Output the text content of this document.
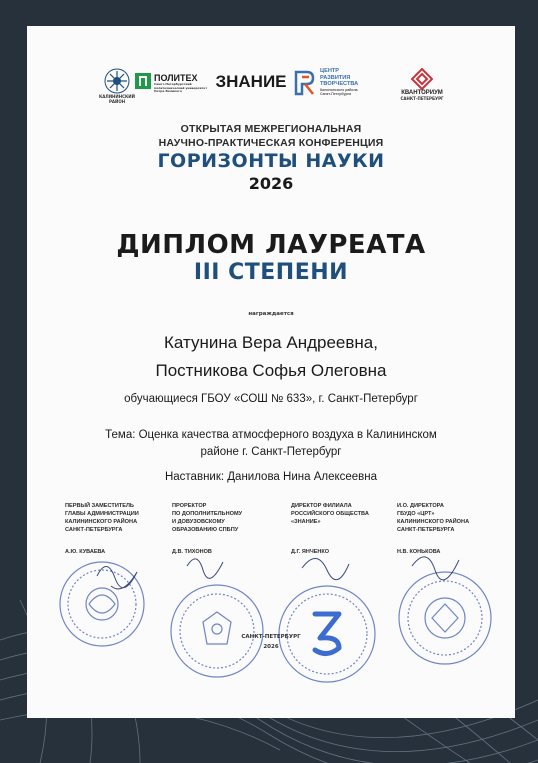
КАЛИНИНСКИЙ
РАЙОН
ПОЛИТЕХ
Санкт-Петербургский политехнический университет Петра Великого
ЗНАНИЕ
ЦЕНТР
РАЗВИТИЯ
ТВОРЧЕСТВА
Калининского района
Санкт-Петербурга	КВАНТОРИУМ
САНКТ-ПЕТЕРБУРГ
ОТКРЫТАЯ МЕЖРЕГИОНАЛЬНАЯ
НАУЧНО-ПРАКТИЧЕСКАЯ КОНФЕРЕНЦИЯ
ГОРИЗОНТЫ НАУКИ
2026
ДИПЛОМ ЛАУРЕАТА
III СТЕПЕНИ
награждается
Катунина Вера Андреевна,
Постникова Софья Олеговна
обучающиеся ГБОУ «СОШ № 633», г. Санкт-Петербург
Тема: Оценка качества атмосферного воздуха в Калининском
районе г. Санкт-Петербург
Наставник: Данилова Нина Алексеевна
ПЕРВЫЙ ЗАМЕСТИТЕЛЬ
ГЛАВЫ АДМИНИСТРАЦИИ
КАЛИНИНСКОГО РАЙОНА
САНКТ-ПЕТЕРБУРГА
А.Ю. КУВАЕВА
ПРОРЕКТОР
ПО ДОПОЛНИТЕЛЬНОМУ
И ДОВУЗОВСКОМУ
ОБРАЗОВАНИЮ СПБПУ
Д.В. ТИХОНОВ
ДИРЕКТОР ФИЛИАЛА
РОССИЙСКОГО ОБЩЕСТВА
«ЗНАНИЕ»
Д.Г. ЯНЧЕНКО
И.О. ДИРЕКТОРА
ГБУДО «ЦРТ»
КАЛИНИНСКОГО РАЙОНА
САНКТ-ПЕТЕРБУРГА
Н.В. КОНЬКОВА
САНКТ-ПЕТЕРБУРГ
2026
